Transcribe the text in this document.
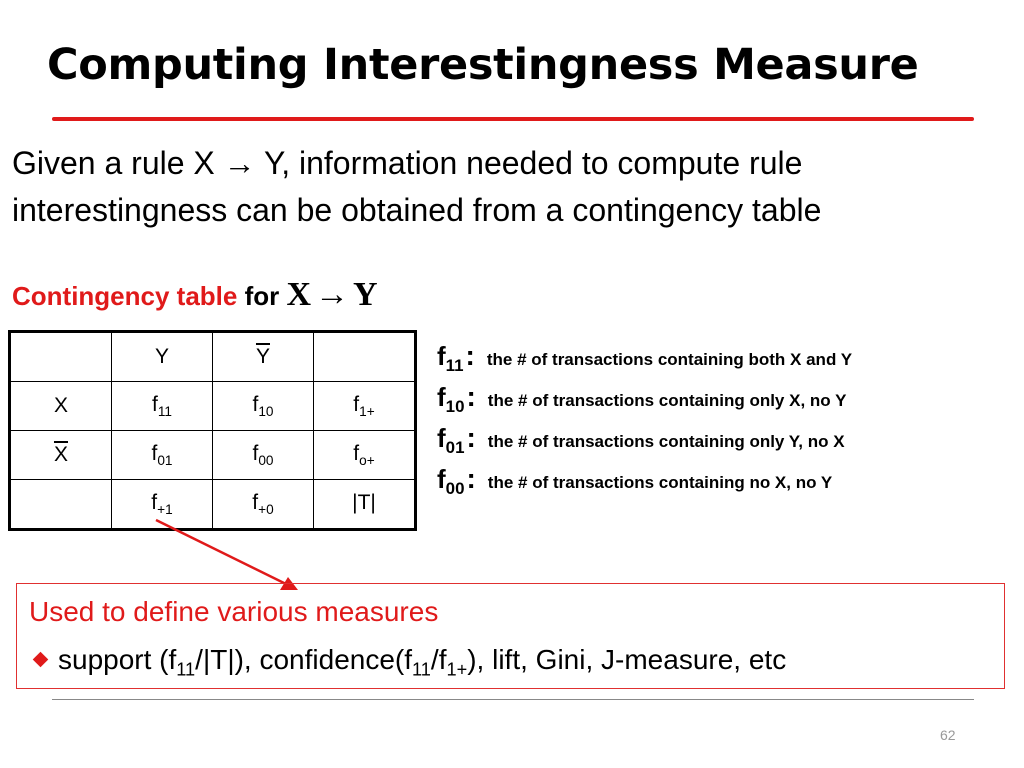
Computing Interestingness Measure
Given a rule X → Y, information needed to compute rule interestingness can be obtained from a contingency table
Contingency table for X → Y
	Y	$\overline{Y}$	
X	$f_{11}$	$f_{10}$	$f_{1+}$
$\overline{X}$	$f_{01}$	$f_{00}$	$f_{o+}$
	$f_{+1}$	$f_{+0}$	|T|
$f_{11}$: the # of transactions containing both X and Y
$f_{10}$: the # of transactions containing only X, no Y
$f_{01}$: the # of transactions containing only Y, no X
$f_{00}$: the # of transactions containing no X, no Y
Used to define various measures
support $(f_{11}/|T|)$, $confidence(f_{11}/f_{1+})$, lift, Gini, J-measure, etc
62
